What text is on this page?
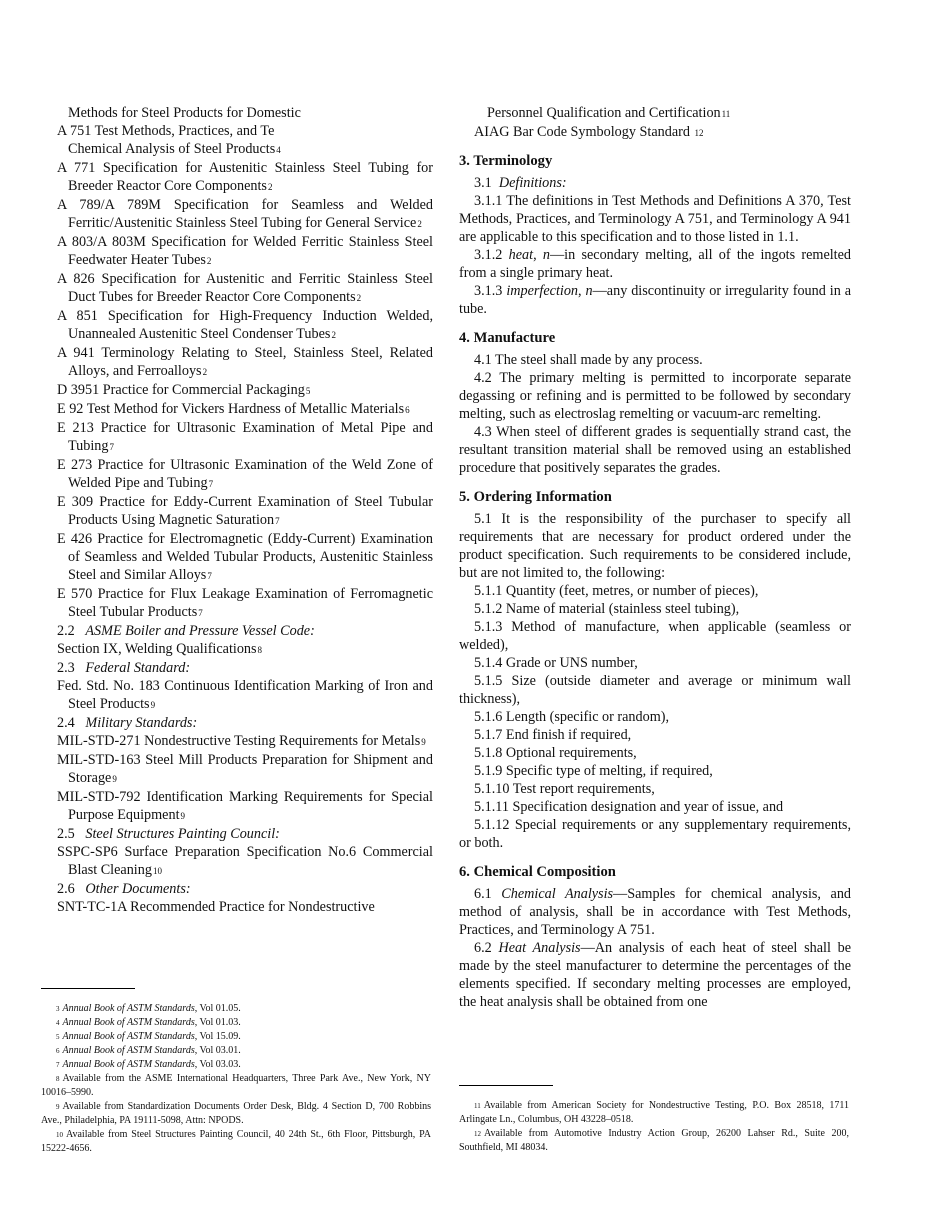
Methods for Steel Products for Domestic
A 751 Test Methods, Practices, and Te
Chemical Analysis of Steel Products4
A 771 Specification for Austenitic Stainless Steel Tubing for Breeder Reactor Core Components2
A 789/A 789M Specification for Seamless and Welded Ferritic/Austenitic Stainless Steel Tubing for General Service2
A 803/A 803M Specification for Welded Ferritic Stainless Steel Feedwater Heater Tubes2
A 826 Specification for Austenitic and Ferritic Stainless Steel Duct Tubes for Breeder Reactor Core Components2
A 851 Specification for High-Frequency Induction Welded, Unannealed Austenitic Steel Condenser Tubes2
A 941 Terminology Relating to Steel, Stainless Steel, Related Alloys, and Ferroalloys2
D 3951 Practice for Commercial Packaging5
E 92 Test Method for Vickers Hardness of Metallic Materials6
E 213 Practice for Ultrasonic Examination of Metal Pipe and Tubing7
E 273 Practice for Ultrasonic Examination of the Weld Zone of Welded Pipe and Tubing7
E 309 Practice for Eddy-Current Examination of Steel Tubular Products Using Magnetic Saturation7
E 426 Practice for Electromagnetic (Eddy-Current) Examination of Seamless and Welded Tubular Products, Austenitic Stainless Steel and Similar Alloys7
E 570 Practice for Flux Leakage Examination of Ferromagnetic Steel Tubular Products7
2.2 ASME Boiler and Pressure Vessel Code:
Section IX, Welding Qualifications8
2.3 Federal Standard:
Fed. Std. No. 183 Continuous Identification Marking of Iron and Steel Products9
2.4 Military Standards:
MIL-STD-271 Nondestructive Testing Requirements for Metals9
MIL-STD-163 Steel Mill Products Preparation for Shipment and Storage9
MIL-STD-792 Identification Marking Requirements for Special Purpose Equipment9
2.5 Steel Structures Painting Council:
SSPC-SP6 Surface Preparation Specification No.6 Commercial Blast Cleaning10
2.6 Other Documents:
SNT-TC-1A Recommended Practice for Nondestructive
Personnel Qualification and Certification11
AIAG Bar Code Symbology Standard 12
3. Terminology
3.1 Definitions:
3.1.1 The definitions in Test Methods and Definitions A 370, Test Methods, Practices, and Terminology A 751, and Terminology A 941 are applicable to this specification and to those listed in 1.1.
3.1.2 heat, n—in secondary melting, all of the ingots remelted from a single primary heat.
3.1.3 imperfection, n—any discontinuity or irregularity found in a tube.
4. Manufacture
4.1 The steel shall made by any process.
4.2 The primary melting is permitted to incorporate separate degassing or refining and is permitted to be followed by secondary melting, such as electroslag remelting or vacuum-arc remelting.
4.3 When steel of different grades is sequentially strand cast, the resultant transition material shall be removed using an established procedure that positively separates the grades.
5. Ordering Information
5.1 It is the responsibility of the purchaser to specify all requirements that are necessary for product ordered under the product specification. Such requirements to be considered include, but are not limited to, the following:
5.1.1 Quantity (feet, metres, or number of pieces),
5.1.2 Name of material (stainless steel tubing),
5.1.3 Method of manufacture, when applicable (seamless or welded),
5.1.4 Grade or UNS number,
5.1.5 Size (outside diameter and average or minimum wall thickness),
5.1.6 Length (specific or random),
5.1.7 End finish if required,
5.1.8 Optional requirements,
5.1.9 Specific type of melting, if required,
5.1.10 Test report requirements,
5.1.11 Specification designation and year of issue, and
5.1.12 Special requirements or any supplementary requirements, or both.
6. Chemical Composition
6.1 Chemical Analysis—Samples for chemical analysis, and method of analysis, shall be in accordance with Test Methods, Practices, and Terminology A 751.
6.2 Heat Analysis—An analysis of each heat of steel shall be made by the steel manufacturer to determine the percentages of the elements specified. If secondary melting processes are employed, the heat analysis shall be obtained from one
3 Annual Book of ASTM Standards, Vol 01.05.
4 Annual Book of ASTM Standards, Vol 01.03.
5 Annual Book of ASTM Standards, Vol 15.09.
6 Annual Book of ASTM Standards, Vol 03.01.
7 Annual Book of ASTM Standards, Vol 03.03.
8 Available from the ASME International Headquarters, Three Park Ave., New York, NY 10016–5990.
9 Available from Standardization Documents Order Desk, Bldg. 4 Section D, 700 Robbins Ave., Philadelphia, PA 19111-5098, Attn: NPODS.
10 Available from Steel Structures Painting Council, 40 24th St., 6th Floor, Pittsburgh, PA 15222-4656.
11 Available from American Society for Nondestructive Testing, P.O. Box 28518, 1711 Arlingate Ln., Columbus, OH 43228–0518.
12 Available from Automotive Industry Action Group, 26200 Lahser Rd., Suite 200, Southfield, MI 48034.
